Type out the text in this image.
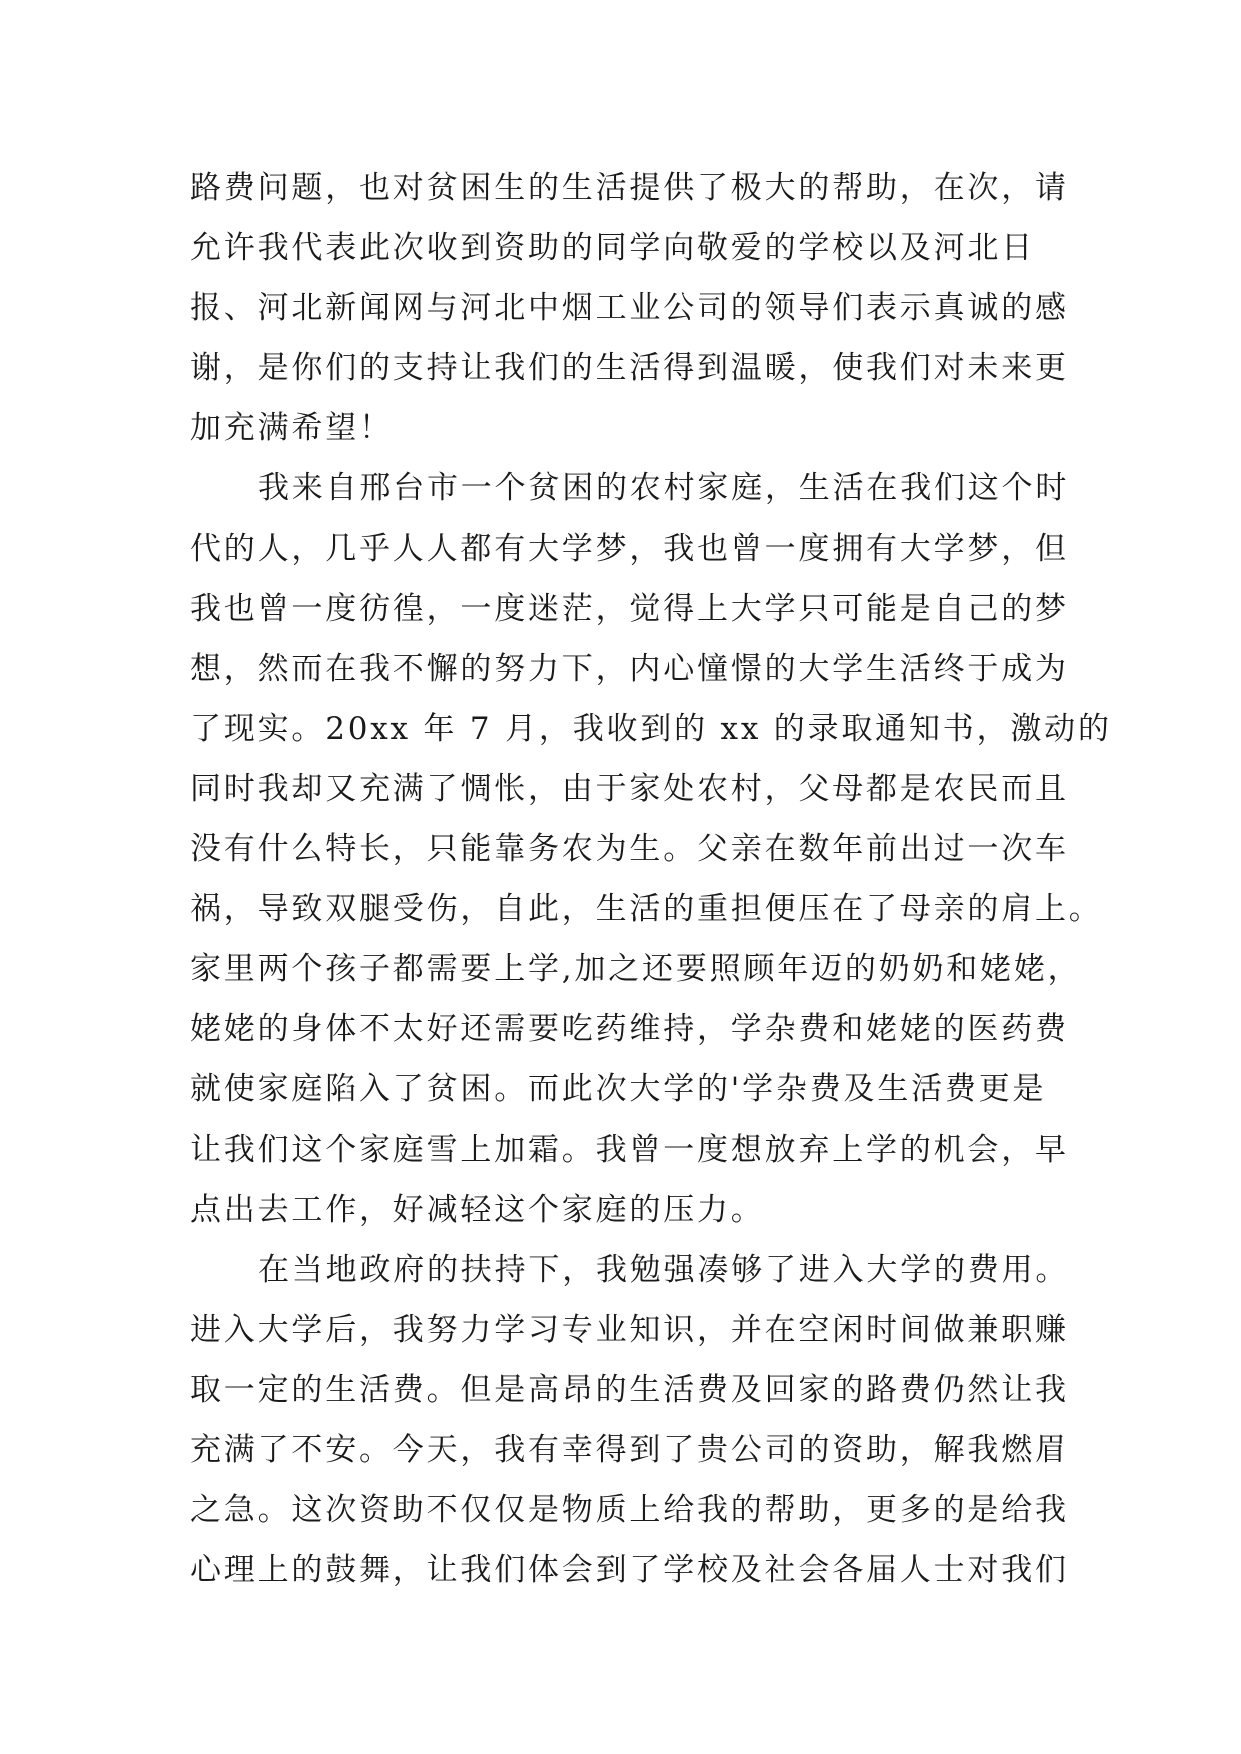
路费问题，也对贫困生的生活提供了极大的帮助，在次，请
允许我代表此次收到资助的同学向敬爱的学校以及河北日
报、河北新闻网与河北中烟工业公司的领导们表示真诚的感
谢，是你们的支持让我们的生活得到温暖，使我们对未来更
加充满希望！
我来自邢台市一个贫困的农村家庭，生活在我们这个时
代的人，几乎人人都有大学梦，我也曾一度拥有大学梦，但
我也曾一度彷徨，一度迷茫，觉得上大学只可能是自己的梦
想，然而在我不懈的努力下，内心憧憬的大学生活终于成为
了现实。20xx 年 7 月，我收到的 xx 的录取通知书，激动的
同时我却又充满了惆怅，由于家处农村，父母都是农民而且
没有什么特长，只能靠务农为生。父亲在数年前出过一次车
祸，导致双腿受伤，自此，生活的重担便压在了母亲的肩上。
家里两个孩子都需要上学,加之还要照顾年迈的奶奶和姥姥，
姥姥的身体不太好还需要吃药维持，学杂费和姥姥的医药费
就使家庭陷入了贫困。而此次大学的'学杂费及生活费更是
让我们这个家庭雪上加霜。我曾一度想放弃上学的机会，早
点出去工作，好减轻这个家庭的压力。
在当地政府的扶持下，我勉强凑够了进入大学的费用。
进入大学后，我努力学习专业知识，并在空闲时间做兼职赚
取一定的生活费。但是高昂的生活费及回家的路费仍然让我
充满了不安。今天，我有幸得到了贵公司的资助，解我燃眉
之急。这次资助不仅仅是物质上给我的帮助，更多的是给我
心理上的鼓舞，让我们体会到了学校及社会各届人士对我们
